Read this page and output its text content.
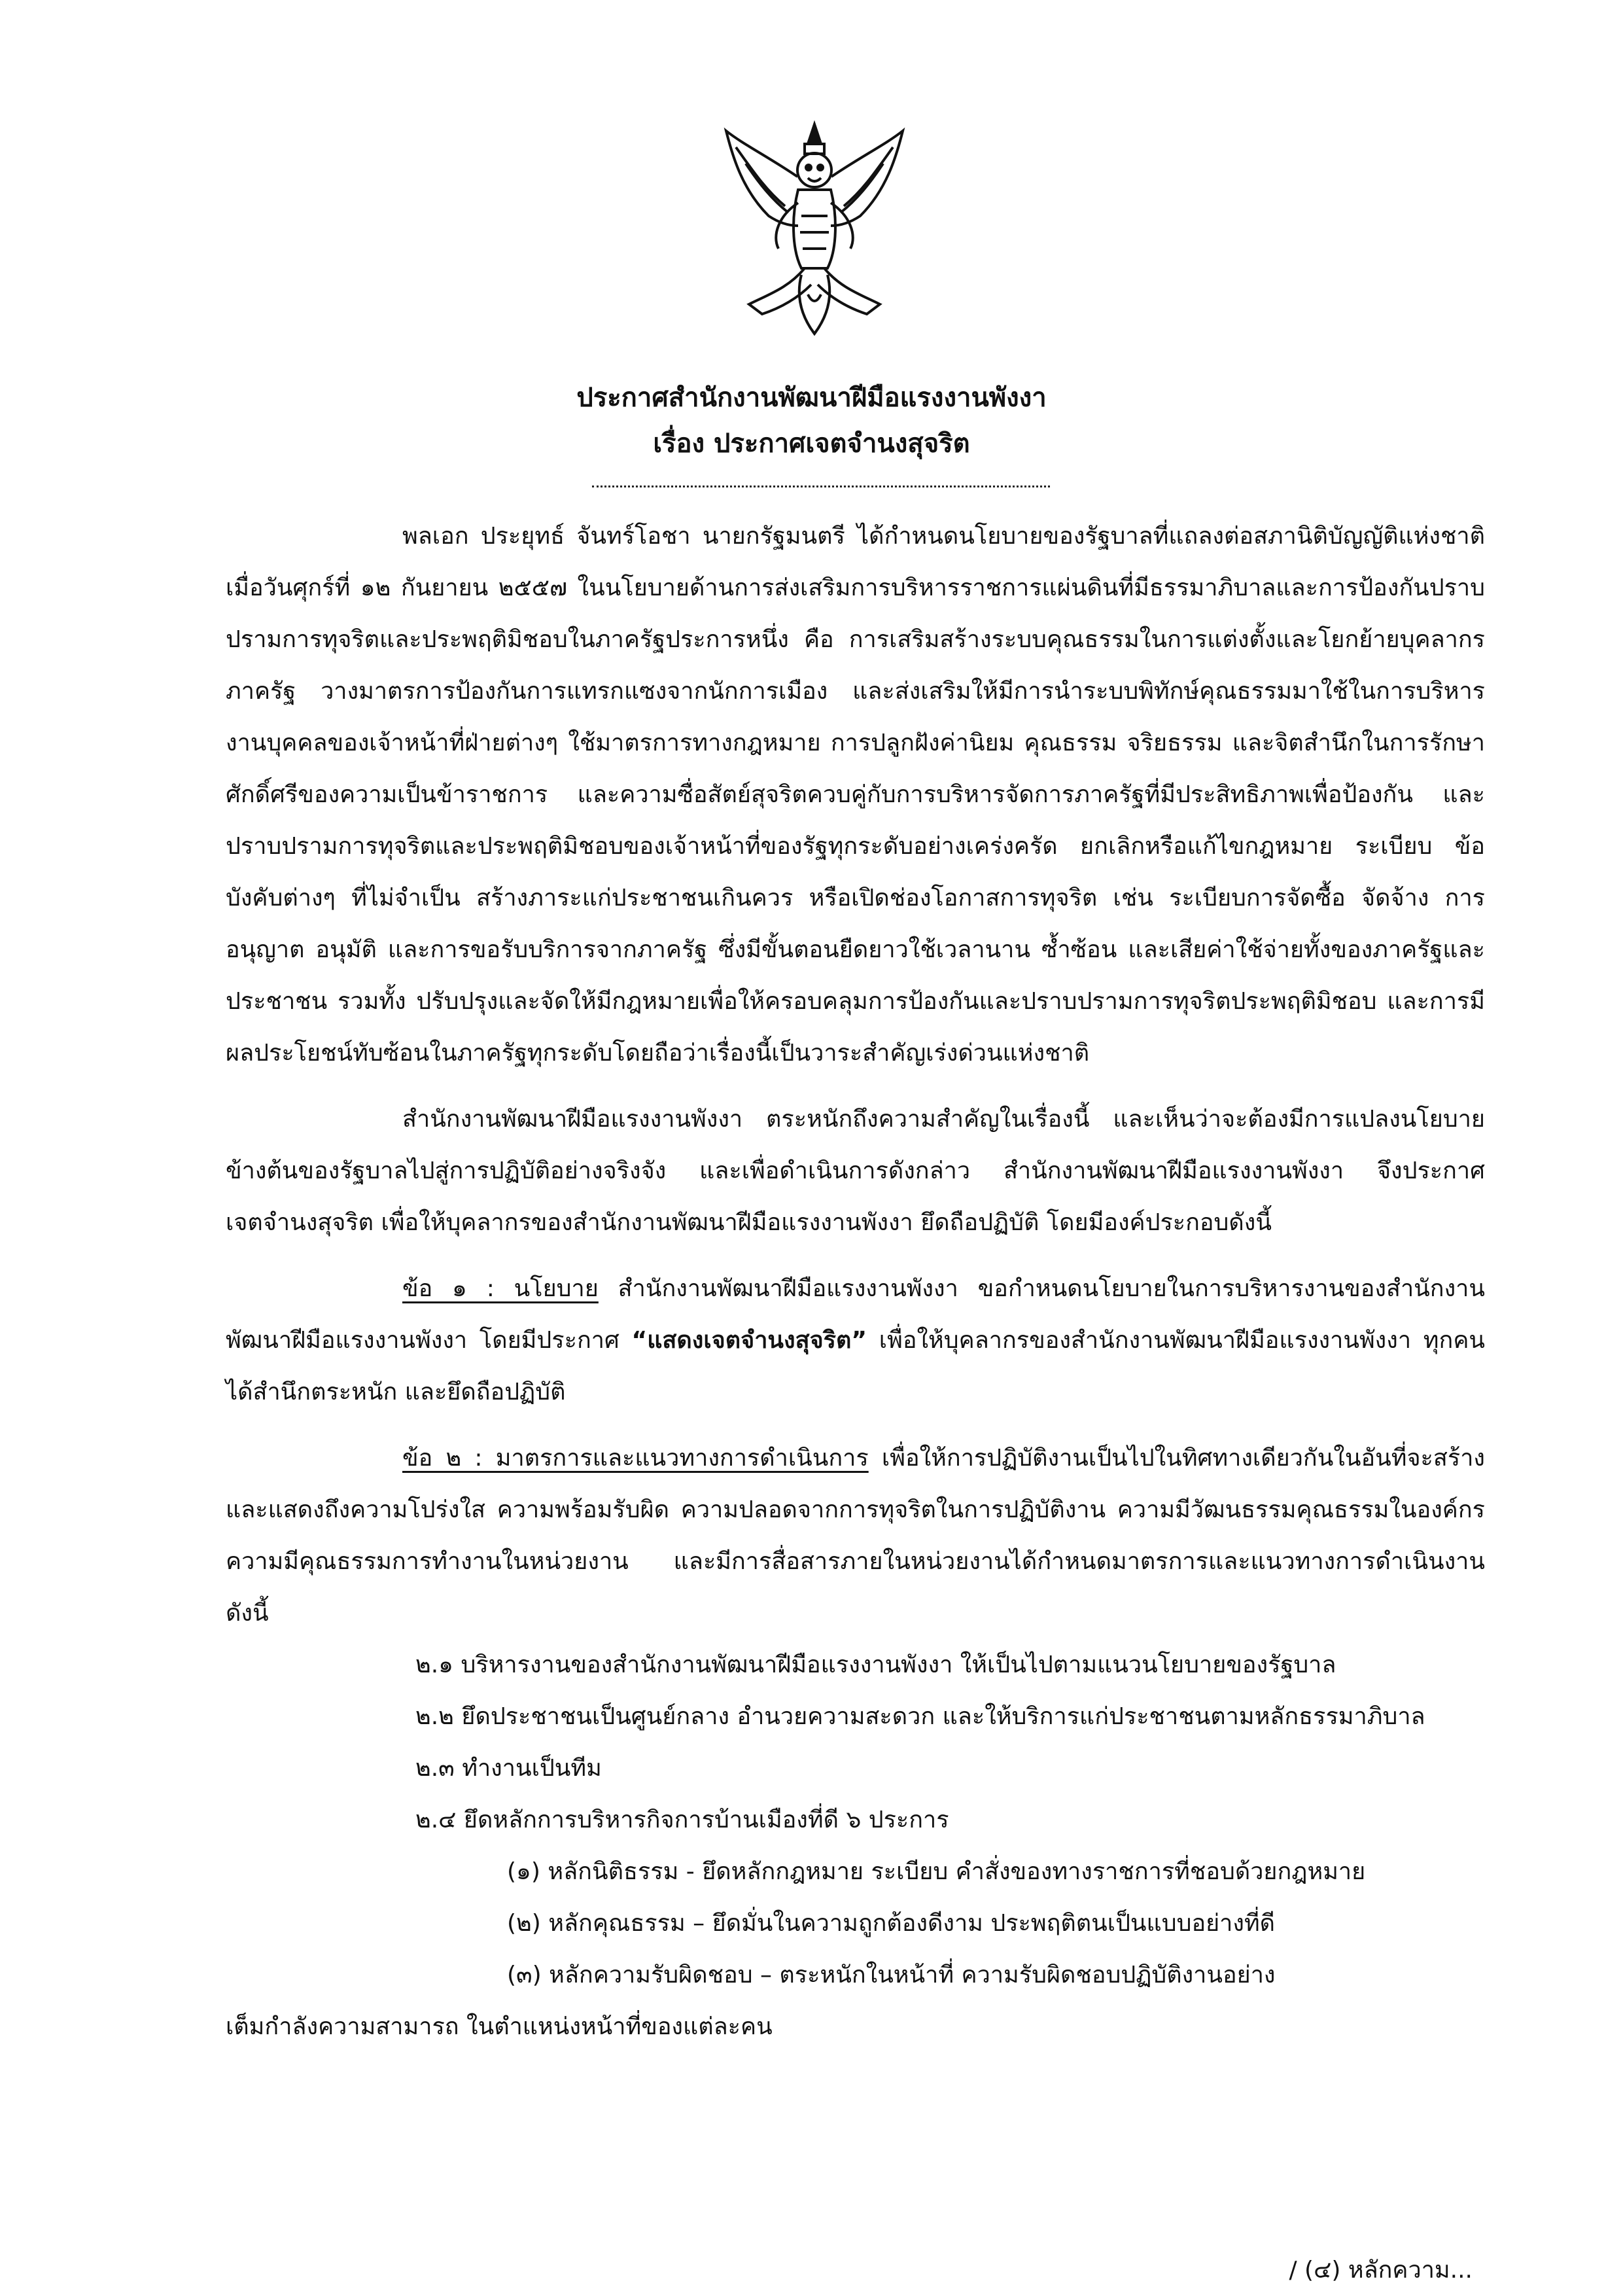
ประกาศสำนักงานพัฒนาฝีมือแรงงานพังงา
เรื่อง ประกาศเจตจำนงสุจริต

พลเอก ประยุทธ์ จันทร์โอชา นายกรัฐมนตรี ได้กำหนดนโยบายของรัฐบาลที่แถลงต่อสภานิติบัญญัติแห่งชาติ เมื่อวันศุกร์ที่ ๑๒ กันยายน ๒๕๕๗ ในนโยบายด้านการส่งเสริมการบริหารราชการแผ่นดินที่มีธรรมาภิบาลและการป้องกันปราบปรามการทุจริตและประพฤติมิชอบในภาครัฐประการหนึ่ง คือ การเสริมสร้างระบบคุณธรรมในการแต่งตั้งและโยกย้ายบุคลากรภาครัฐ วางมาตรการป้องกันการแทรกแซงจากนักการเมือง และส่งเสริมให้มีการนำระบบพิทักษ์คุณธรรมมาใช้ในการบริหารงานบุคคลของเจ้าหน้าที่ฝ่ายต่างๆ ใช้มาตรการทางกฎหมาย การปลูกฝังค่านิยม คุณธรรม จริยธรรม และจิตสำนึกในการรักษาศักดิ์ศรีของความเป็นข้าราชการ และความซื่อสัตย์สุจริตควบคู่กับการบริหารจัดการภาครัฐที่มีประสิทธิภาพเพื่อป้องกัน และปราบปรามการทุจริตและประพฤติมิชอบของเจ้าหน้าที่ของรัฐทุกระดับอย่างเคร่งครัด ยกเลิกหรือแก้ไขกฎหมาย ระเบียบ ข้อบังคับต่างๆ ที่ไม่จำเป็น สร้างภาระแก่ประชาชนเกินควร หรือเปิดช่องโอกาสการทุจริต เช่น ระเบียบการจัดซื้อ จัดจ้าง การอนุญาต อนุมัติ และการขอรับบริการจากภาครัฐ ซึ่งมีขั้นตอนยืดยาวใช้เวลานาน ซ้ำซ้อน และเสียค่าใช้จ่ายทั้งของภาครัฐและประชาชน รวมทั้ง ปรับปรุงและจัดให้มีกฎหมายเพื่อให้ครอบคลุมการป้องกันและปราบปรามการทุจริตประพฤติมิชอบ และการมีผลประโยชน์ทับซ้อนในภาครัฐทุกระดับโดยถือว่าเรื่องนี้เป็นวาระสำคัญเร่งด่วนแห่งชาติ

สำนักงานพัฒนาฝีมือแรงงานพังงา ตระหนักถึงความสำคัญในเรื่องนี้ และเห็นว่าจะต้องมีการแปลงนโยบายข้างต้นของรัฐบาลไปสู่การปฏิบัติอย่างจริงจัง และเพื่อดำเนินการดังกล่าว สำนักงานพัฒนาฝีมือแรงงานพังงา จึงประกาศเจตจำนงสุจริต เพื่อให้บุคลากรของสำนักงานพัฒนาฝีมือแรงงานพังงา ยึดถือปฏิบัติ โดยมีองค์ประกอบดังนี้

ข้อ ๑ : นโยบาย สำนักงานพัฒนาฝีมือแรงงานพังงา ขอกำหนดนโยบายในการบริหารงานของสำนักงานพัฒนาฝีมือแรงงานพังงา โดยมีประกาศ “แสดงเจตจำนงสุจริต” เพื่อให้บุคลากรของสำนักงานพัฒนาฝีมือแรงงานพังงา ทุกคน ได้สำนึกตระหนัก และยึดถือปฏิบัติ

ข้อ ๒ : มาตรการและแนวทางการดำเนินการ เพื่อให้การปฏิบัติงานเป็นไปในทิศทางเดียวกันในอันที่จะสร้างและแสดงถึงความโปร่งใส ความพร้อมรับผิด ความปลอดจากการทุจริตในการปฏิบัติงาน ความมีวัฒนธรรมคุณธรรมในองค์กร ความมีคุณธรรมการทำงานในหน่วยงาน และมีการสื่อสารภายในหน่วยงานได้กำหนดมาตรการและแนวทางการดำเนินงาน ดังนี้

๒.๑ บริหารงานของสำนักงานพัฒนาฝีมือแรงงานพังงา ให้เป็นไปตามแนวนโยบายของรัฐบาล
๒.๒ ยึดประชาชนเป็นศูนย์กลาง อำนวยความสะดวก และให้บริการแก่ประชาชนตามหลักธรรมาภิบาล
๒.๓ ทำงานเป็นทีม
๒.๔ ยึดหลักการบริหารกิจการบ้านเมืองที่ดี ๖ ประการ
(๑) หลักนิติธรรม - ยึดหลักกฎหมาย ระเบียบ คำสั่งของทางราชการที่ชอบด้วยกฎหมาย
(๒) หลักคุณธรรม – ยึดมั่นในความถูกต้องดีงาม ประพฤติตนเป็นแบบอย่างที่ดี
(๓) หลักความรับผิดชอบ – ตระหนักในหน้าที่ ความรับผิดชอบปฏิบัติงานอย่าง

เต็มกำลังความสามารถ ในตำแหน่งหน้าที่ของแต่ละคน

/ (๔) หลักความ...
